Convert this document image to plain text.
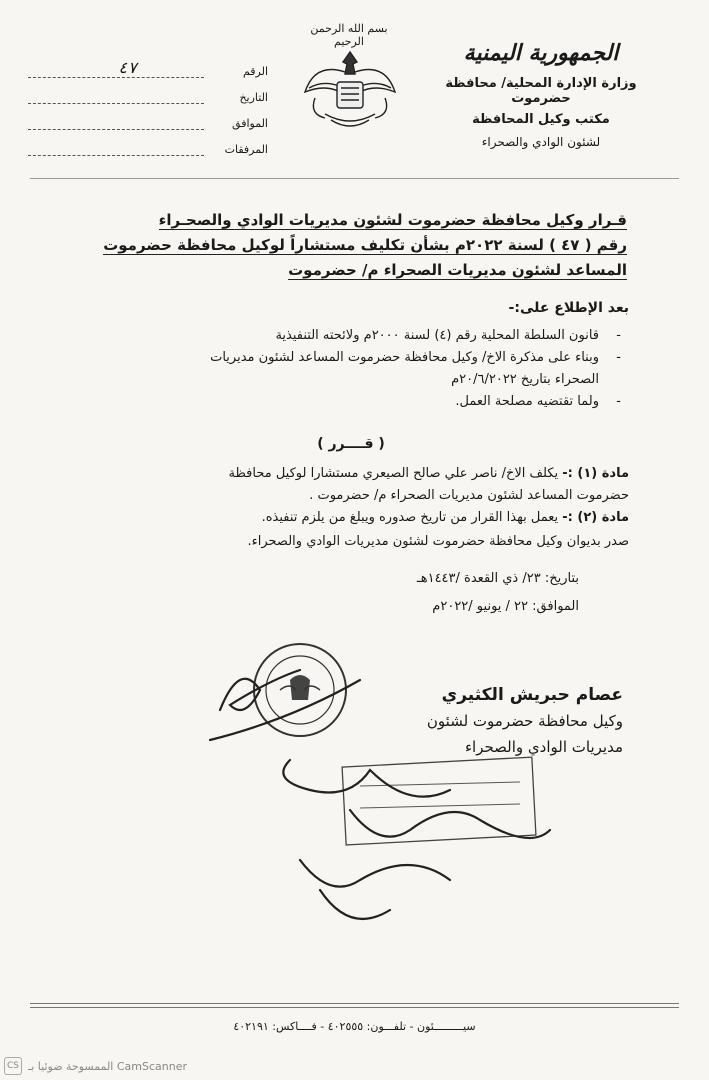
الجمهورية اليمنية
وزارة الإدارة المحلية/ محافظة حضرموت
مكتب وكيل المحافظة
لشئون الوادي والصحراء
بسم الله الرحمن الرحيم
الرقم
٤٧
التاريخ
الموافق
المرفقات
قـرار وكيل محافظة حضرموت لشئون مديريات الوادي والصحـراء
رقم ( ٤٧ ) لسنة ٢٠٢٢م بشأن تكليف مستشاراً لوكيل محافظة حضرموت
المساعد لشئون مديريات الصحراء م/ حضرموت
بعد الإطلاع على:-
- قانون السلطة المحلية رقم (٤) لسنة ٢٠٠٠م ولائحته التنفيذية
- وبناء على مذكرة الاخ/ وكيل محافظة حضرموت المساعد لشئون مديريات
الصحراء بتاريخ ٢٠/٦/٢٠٢٢م
- ولما تقتضيه مصلحة العمل.
( قــــرر )
مادة (١) :- يكلف الاخ/ ناصر علي صالح الصيعري مستشارا لوكيل محافظة
حضرموت المساعد لشئون مديريات الصحراء م/ حضرموت .
مادة (٢) :- يعمل بهذا القرار من تاريخ صدوره ويبلغ من يلزم تنفيذه.
صدر بديوان وكيل محافظة حضرموت لشئون مديريات الوادي والصحراء.
بتاريخ: ٢٣/ ذي القعدة /١٤٤٣هـ
الموافق: ٢٢ / يونيو /٢٠٢٢م
عصام حبريش الكثيري
وكيل محافظة حضرموت لشئون
مديريات الوادي والصحراء
سيـــــــــئون - تلفـــون: ٤٠٢٥٥٥ - فــــاكس: ٤٠٢١٩١
CS الممسوحة ضوئيا بـ CamScanner
